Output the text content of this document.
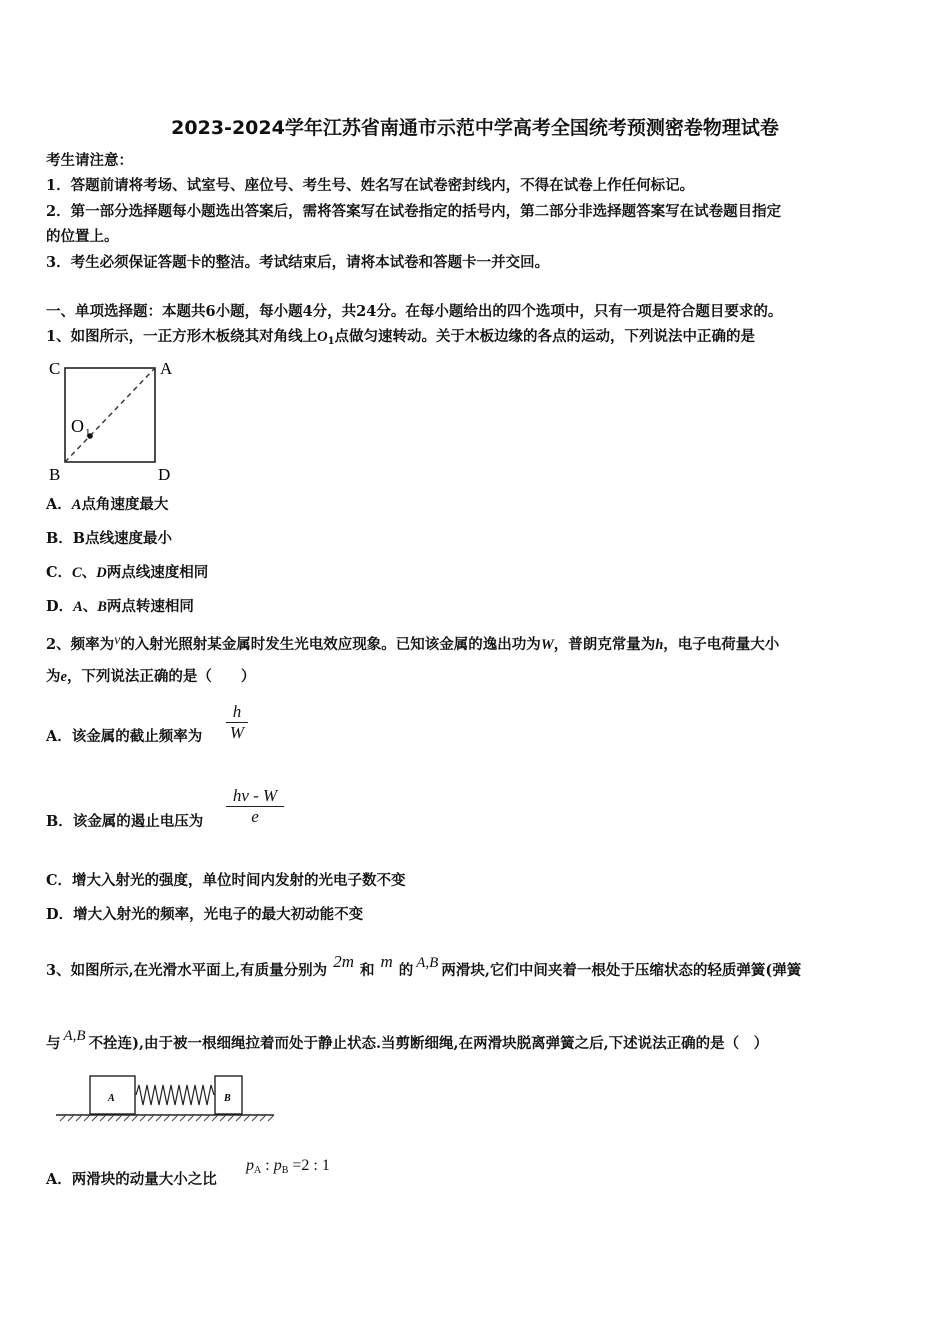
2023-2024学年江苏省南通市示范中学高考全国统考预测密卷物理试卷
考生请注意：
1．答题前请将考场、试室号、座位号、考生号、姓名写在试卷密封线内，不得在试卷上作任何标记。
2．第一部分选择题每小题选出答案后，需将答案写在试卷指定的括号内，第二部分非选择题答案写在试卷题目指定
的位置上。
3．考生必须保证答题卡的整洁。考试结束后，请将本试卷和答题卡一并交回。
一、单项选择题：本题共6小题，每小题4分，共24分。在每小题给出的四个选项中，只有一项是符合题目要求的。
1、如图所示，一正方形木板绕其对角线上$O_1$点做匀速转动。关于木板边缘的各点的运动，下列说法中正确的是
C	A
B	D
O 1
A．A点角速度最大
B．B点线速度最小
C．C、D两点线速度相同
D．A、B两点转速相同
2、频率为ν的入射光照射某金属时发生光电效应现象。已知该金属的逸出功为W，普朗克常量为h，电子电荷量大小
为e，下列说法正确的是（　　）
A．该金属的截止频率为
h
W
B．该金属的遏止电压为
hν - W
e
C．增大入射光的强度，单位时间内发射的光电子数不变
D．增大入射光的频率，光电子的最大初动能不变
3、如图所示,在光滑水平面上,有质量分别为 2m 和 m 的 A,B 两滑块,它们中间夹着一根处于压缩状态的轻质弹簧(弹簧
与 A,B 不拴连),由于被一根细绳拉着而处于静止状态.当剪断细绳,在两滑块脱离弹簧之后,下述说法正确的是（　）
A	B
A．两滑块的动量大小之比
$p_A$ : $p_B =2$ : 1
